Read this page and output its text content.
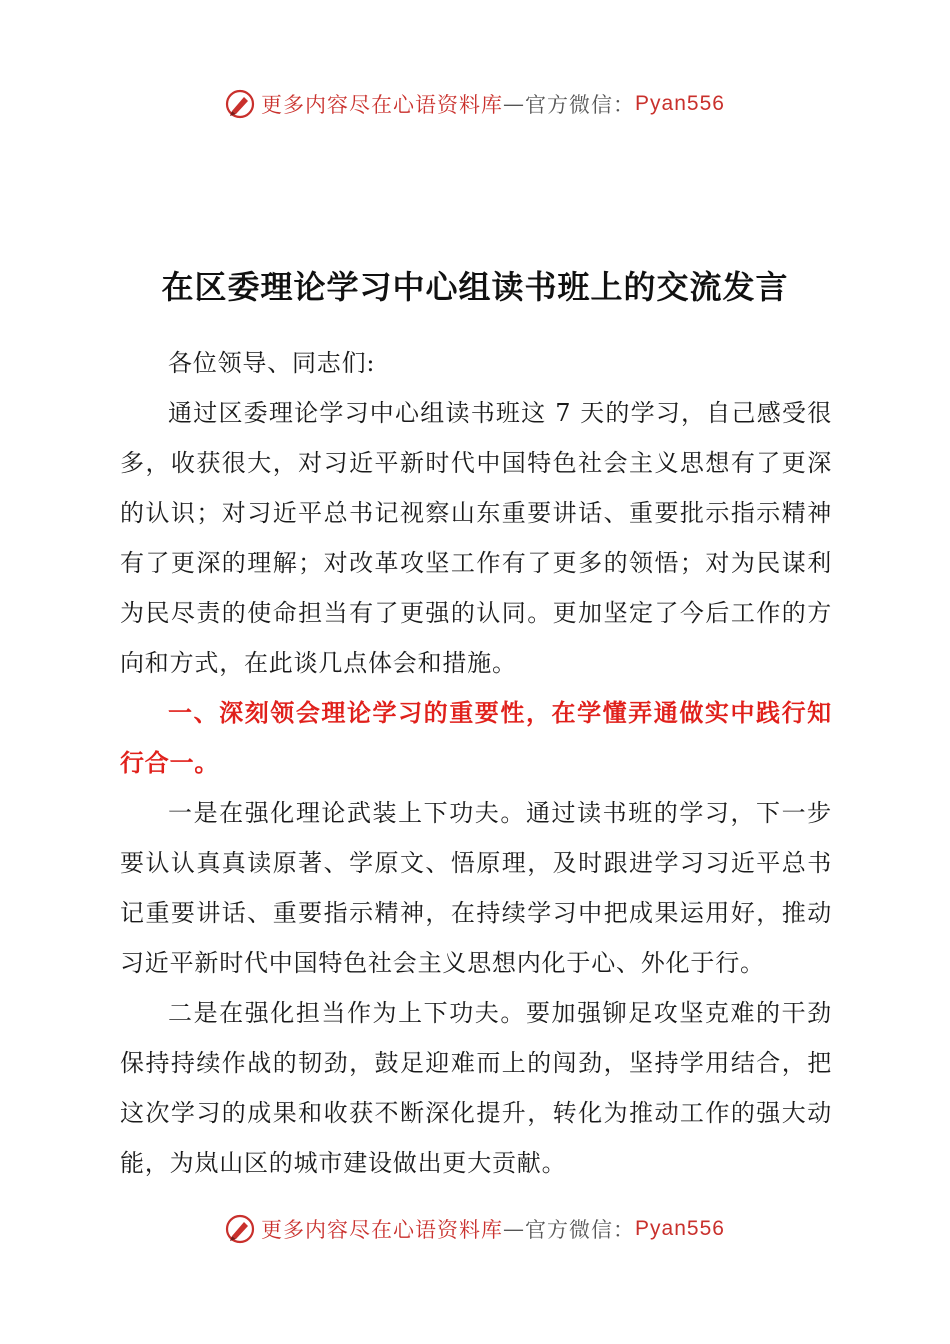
更多内容尽在心语资料库 — 官方微信： Pyan556
在区委理论学习中心组读书班上的交流发言

各位领导、同志们:

通过区委理论学习中心组读书班这 7 天的学习，自己感受很多，收获很大，对习近平新时代中国特色社会主义思想有了更深的认识；对习近平总书记视察山东重要讲话、重要批示指示精神有了更深的理解；对改革攻坚工作有了更多的领悟；对为民谋利为民尽责的使命担当有了更强的认同。更加坚定了今后工作的方向和方式，在此谈几点体会和措施。

一、深刻领会理论学习的重要性，在学懂弄通做实中践行知行合一。

一是在强化理论武装上下功夫。通过读书班的学习，下一步要认认真真读原著、学原文、悟原理，及时跟进学习习近平总书记重要讲话、重要指示精神，在持续学习中把成果运用好，推动习近平新时代中国特色社会主义思想内化于心、外化于行。

二是在强化担当作为上下功夫。要加强铆足攻坚克难的干劲保持持续作战的韧劲，鼓足迎难而上的闯劲，坚持学用结合，把这次学习的成果和收获不断深化提升，转化为推动工作的强大动能，为岚山区的城市建设做出更大贡献。

更多内容尽在心语资料库 — 官方微信： Pyan556
